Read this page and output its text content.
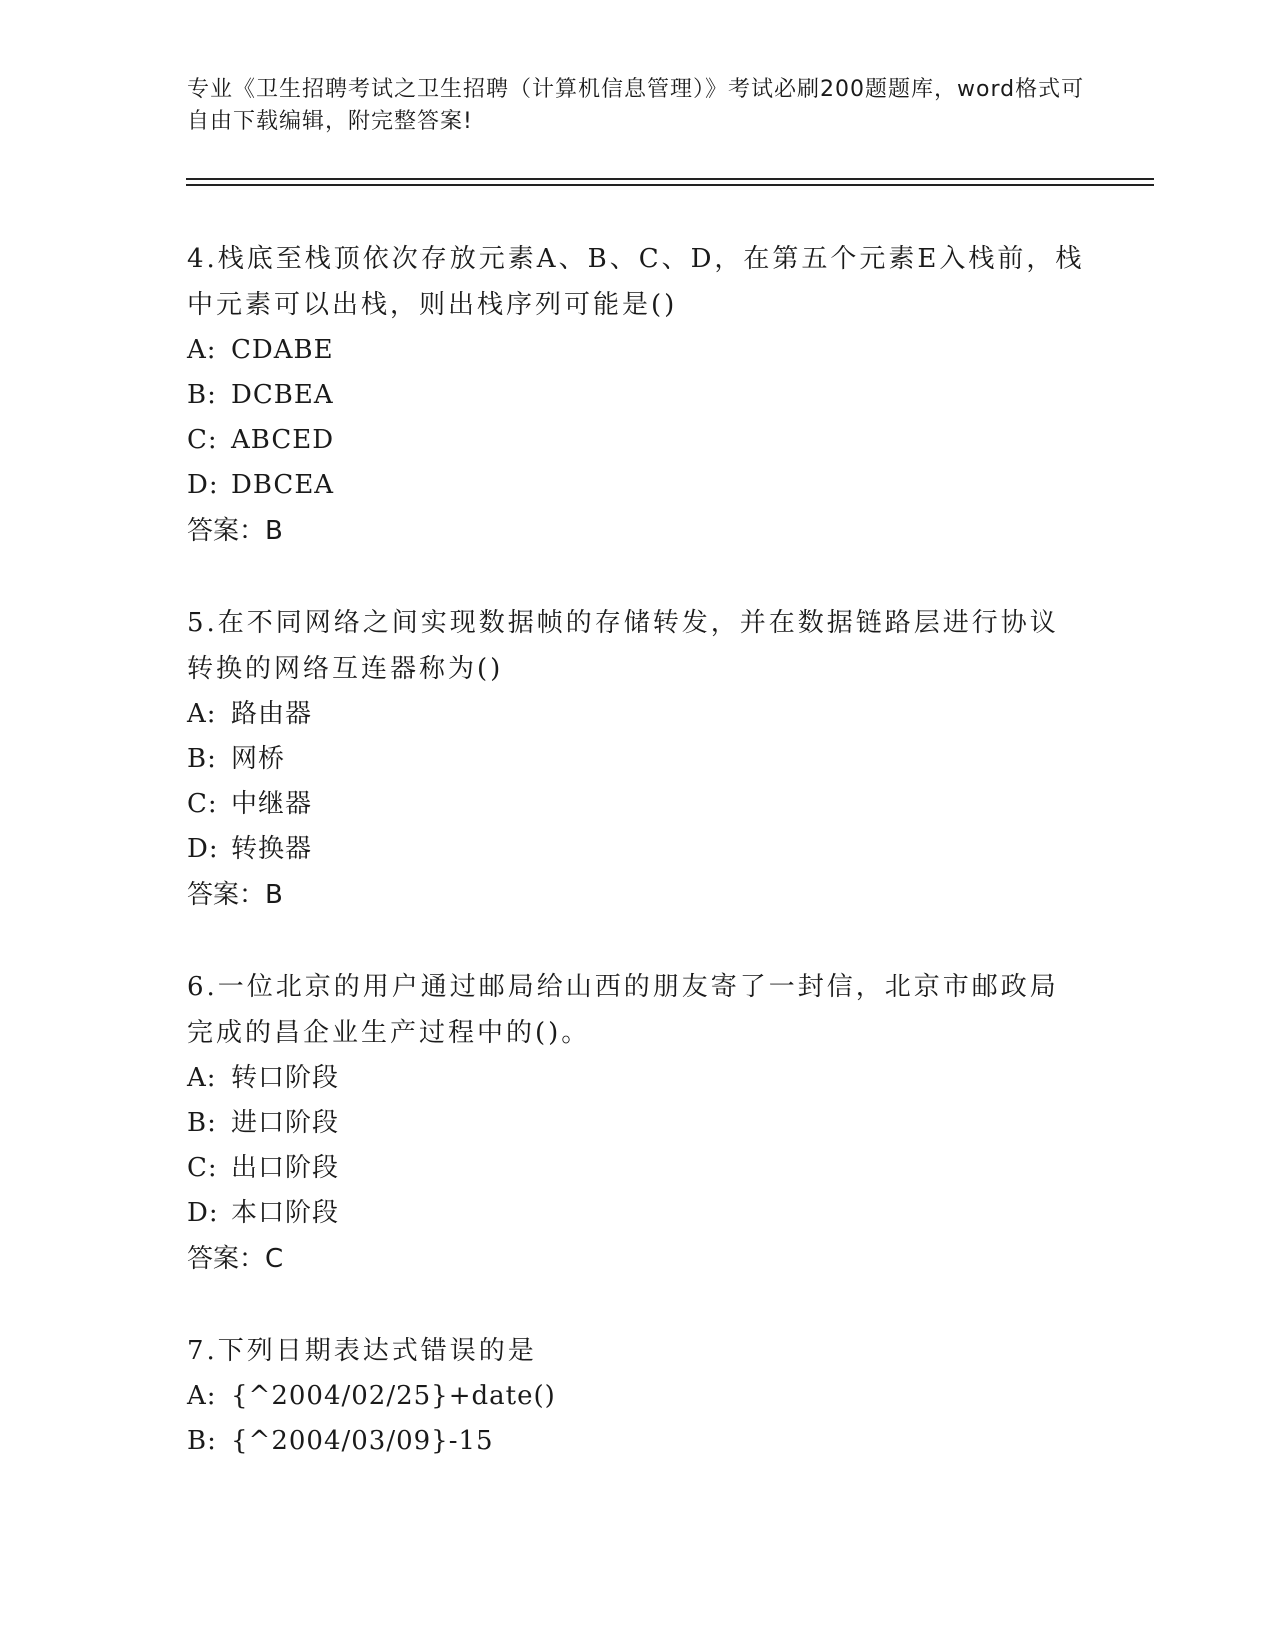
专业《卫生招聘考试之卫生招聘（计算机信息管理）》考试必刷200题题库，word格式可自由下载编辑，附完整答案!
4.栈底至栈顶依次存放元素A、B、C、D，在第五个元素E入栈前，栈中元素可以出栈，则出栈序列可能是()
A: CDABE
B: DCBEA
C: ABCED
D: DBCEA
答案：B
5.在不同网络之间实现数据帧的存储转发，并在数据链路层进行协议转换的网络互连器称为()
A: 路由器
B: 网桥
C: 中继器
D: 转换器
答案：B
6.一位北京的用户通过邮局给山西的朋友寄了一封信，北京市邮政局完成的昌企业生产过程中的()。
A: 转口阶段
B: 进口阶段
C: 出口阶段
D: 本口阶段
答案：C
7.下列日期表达式错误的是
A: {^2004/02/25}+date()
B: {^2004/03/09}-15
